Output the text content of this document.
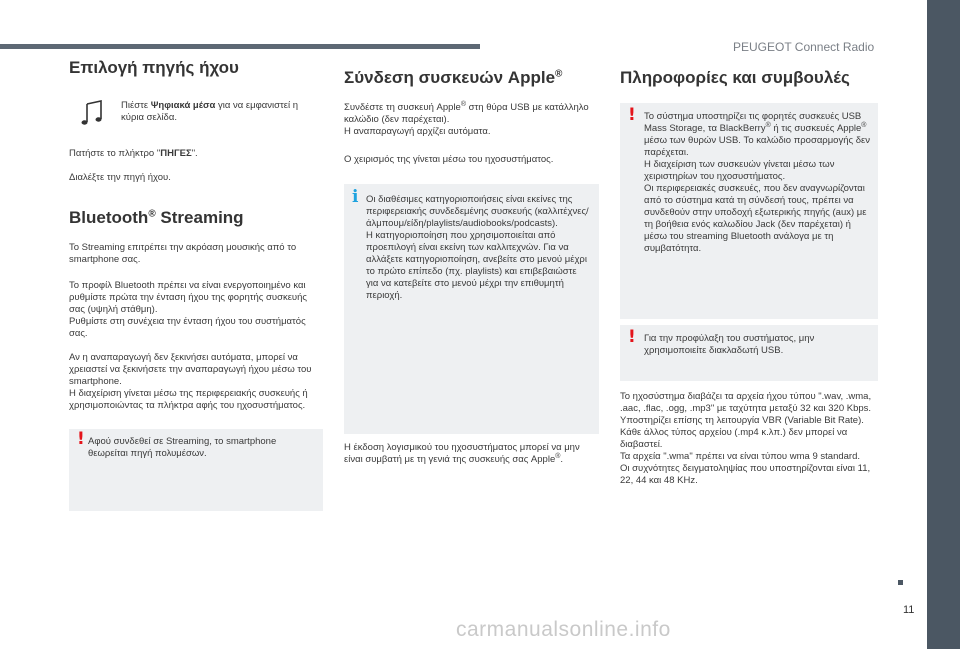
PEUGEOT Connect Radio
11
Επιλογή πηγής ήχου

Πιέστε Ψηφιακά μέσα για να εμφανιστεί η κύρια σελίδα.

Πατήστε το πλήκτρο "ΠΗΓΕΣ".

Διαλέξτε την πηγή ήχου.

Bluetooth® Streaming

Το Streaming επιτρέπει την ακρόαση μουσικής από το smartphone σας.

Το προφίλ Bluetooth πρέπει να είναι ενεργοποιημένο και ρυθμίστε πρώτα την ένταση ήχου της φορητής συσκευής σας (υψηλή στάθμη).
Ρυθμίστε στη συνέχεια την ένταση ήχου του συστήματός σας.

Αν η αναπαραγωγή δεν ξεκινήσει αυτόματα, μπορεί να χρειαστεί να ξεκινήσετε την αναπαραγωγή ήχου μέσω του smartphone.
Η διαχείριση γίνεται μέσω της περιφερειακής συσκευής ή χρησιμοποιώντας τα πλήκτρα αφής του ηχοσυστήματος.

! Αφού συνδεθεί σε Streaming, το smartphone θεωρείται πηγή πολυμέσων.

Σύνδεση συσκευών Apple®

Συνδέστε τη συσκευή Apple® στη θύρα USB με κατάλληλο καλώδιο (δεν παρέχεται).
Η αναπαραγωγή αρχίζει αυτόματα.

Ο χειρισμός της γίνεται μέσω του ηχοσυστήματος.

i Οι διαθέσιμες κατηγοριοποιήσεις είναι εκείνες της περιφερειακής συνδεδεμένης συσκευής (καλλιτέχνες/άλμπουμ/είδη/playlists/audiobooks/podcasts).
Η κατηγοριοποίηση που χρησιμοποιείται από προεπιλογή είναι εκείνη των καλλιτεχνών. Για να αλλάξετε κατηγοριοποίηση, ανεβείτε στο μενού μέχρι το πρώτο επίπεδο (πχ. playlists) και επιβεβαιώστε για να κατεβείτε στο μενού μέχρι την επιθυμητή περιοχή.

Η έκδοση λογισμικού του ηχοσυστήματος μπορεί να μην είναι συμβατή με τη γενιά της συσκευής σας Apple®.

Πληροφορίες και συμβουλές
! Το σύστημα υποστηρίζει τις φορητές συσκευές USB Mass Storage, τα BlackBerry® ή τις συσκευές Apple® μέσω των θυρών USB. Το καλώδιο προσαρμογής δεν παρέχεται.
Η διαχείριση των συσκευών γίνεται μέσω των χειριστηρίων του ηχοσυστήματος.
Οι περιφερειακές συσκευές, που δεν αναγνωρίζονται από το σύστημα κατά τη σύνδεσή τους, πρέπει να συνδεθούν στην υποδοχή εξωτερικής πηγής (aux) με τη βοήθεια ενός καλωδίου Jack (δεν παρέχεται) ή μέσω του streaming Bluetooth ανάλογα με τη συμβατότητα.

! Για την προφύλαξη του συστήματος, μην χρησιμοποιείτε διακλαδωτή USB.

Το ηχοσύστημα διαβάζει τα αρχεία ήχου τύπου ".wav, .wma, .aac, .flac, .ogg, .mp3" με ταχύτητα μεταξύ 32 και 320 Kbps.
Υποστηρίζει επίσης τη λειτουργία VBR (Variable Bit Rate).
Κάθε άλλος τύπος αρχείου (.mp4 κ.λπ.) δεν μπορεί να διαβαστεί.
Τα αρχεία ".wma" πρέπει να είναι τύπου wma 9 standard.
Οι συχνότητες δειγματοληψίας που υποστηρίζονται είναι 11, 22, 44 και 48 KHz.

carmanualsonline.info
